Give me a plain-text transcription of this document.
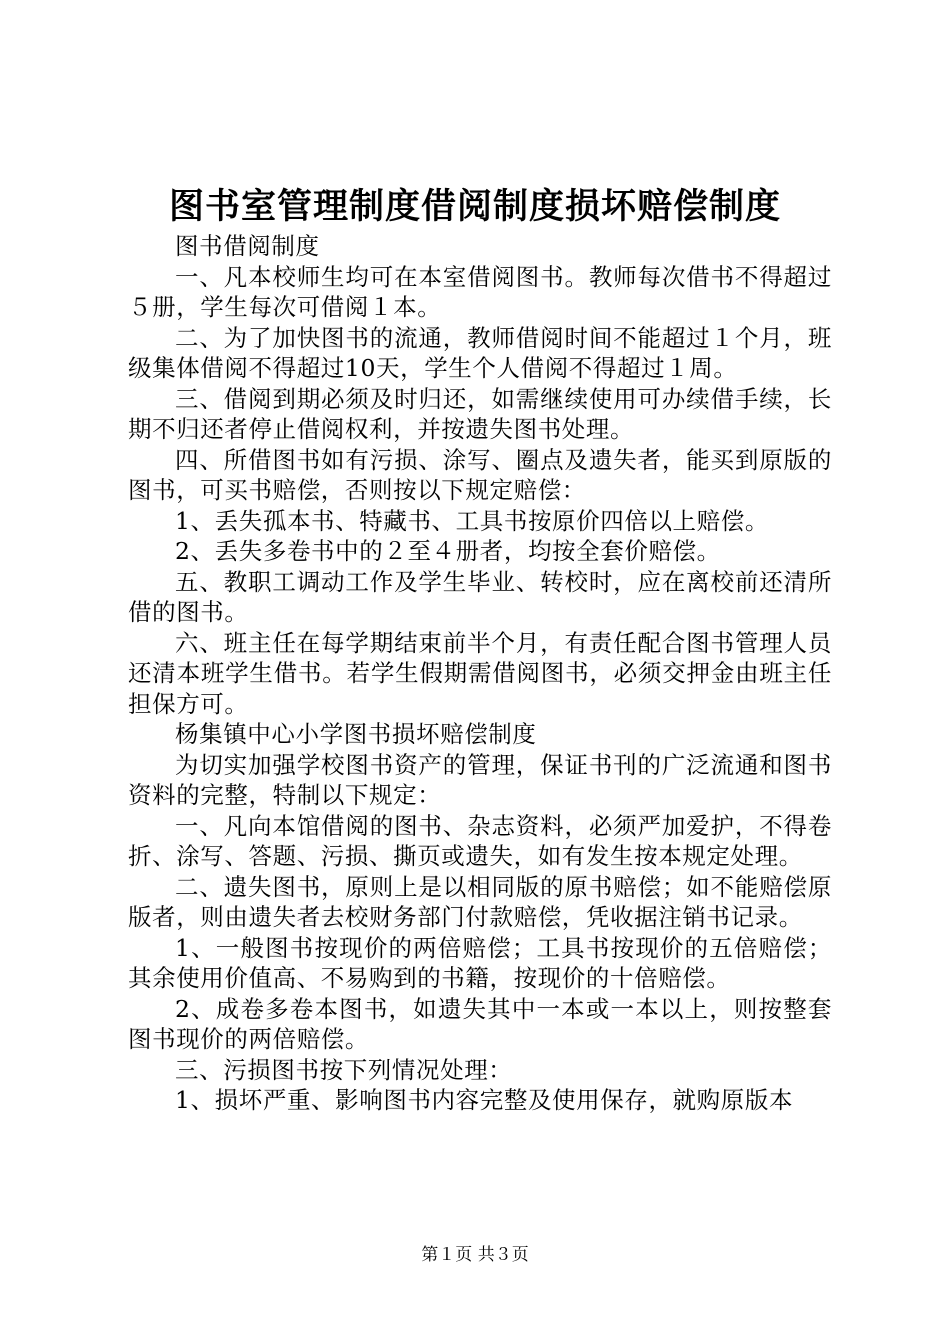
图书室管理制度借阅制度损坏赔偿制度

图书借阅制度

一、凡本校师生均可在本室借阅图书。教师每次借书不得超过５册，学生每次可借阅１本。

二、为了加快图书的流通，教师借阅时间不能超过１个月，班级集体借阅不得超过10天，学生个人借阅不得超过１周。

三、借阅到期必须及时归还，如需继续使用可办续借手续，长期不归还者停止借阅权利，并按遗失图书处理。

四、所借图书如有污损、涂写、圈点及遗失者，能买到原版的图书，可买书赔偿，否则按以下规定赔偿：

1、丢失孤本书、特藏书、工具书按原价四倍以上赔偿。

2、丢失多卷书中的２至４册者，均按全套价赔偿。

五、教职工调动工作及学生毕业、转校时，应在离校前还清所借的图书。

六、班主任在每学期结束前半个月，有责任配合图书管理人员还清本班学生借书。若学生假期需借阅图书，必须交押金由班主任担保方可。

杨集镇中心小学图书损坏赔偿制度

为切实加强学校图书资产的管理，保证书刊的广泛流通和图书资料的完整，特制以下规定：

一、凡向本馆借阅的图书、杂志资料，必须严加爱护，不得卷折、涂写、答题、污损、撕页或遗失，如有发生按本规定处理。

二、遗失图书，原则上是以相同版的原书赔偿；如不能赔偿原版者，则由遗失者去校财务部门付款赔偿，凭收据注销书记录。

1、一般图书按现价的两倍赔偿；工具书按现价的五倍赔偿；其余使用价值高、不易购到的书籍，按现价的十倍赔偿。

2、成卷多卷本图书，如遗失其中一本或一本以上，则按整套图书现价的两倍赔偿。

三、污损图书按下列情况处理：

1、损坏严重、影响图书内容完整及使用保存，就购原版本

第１页 共３页
